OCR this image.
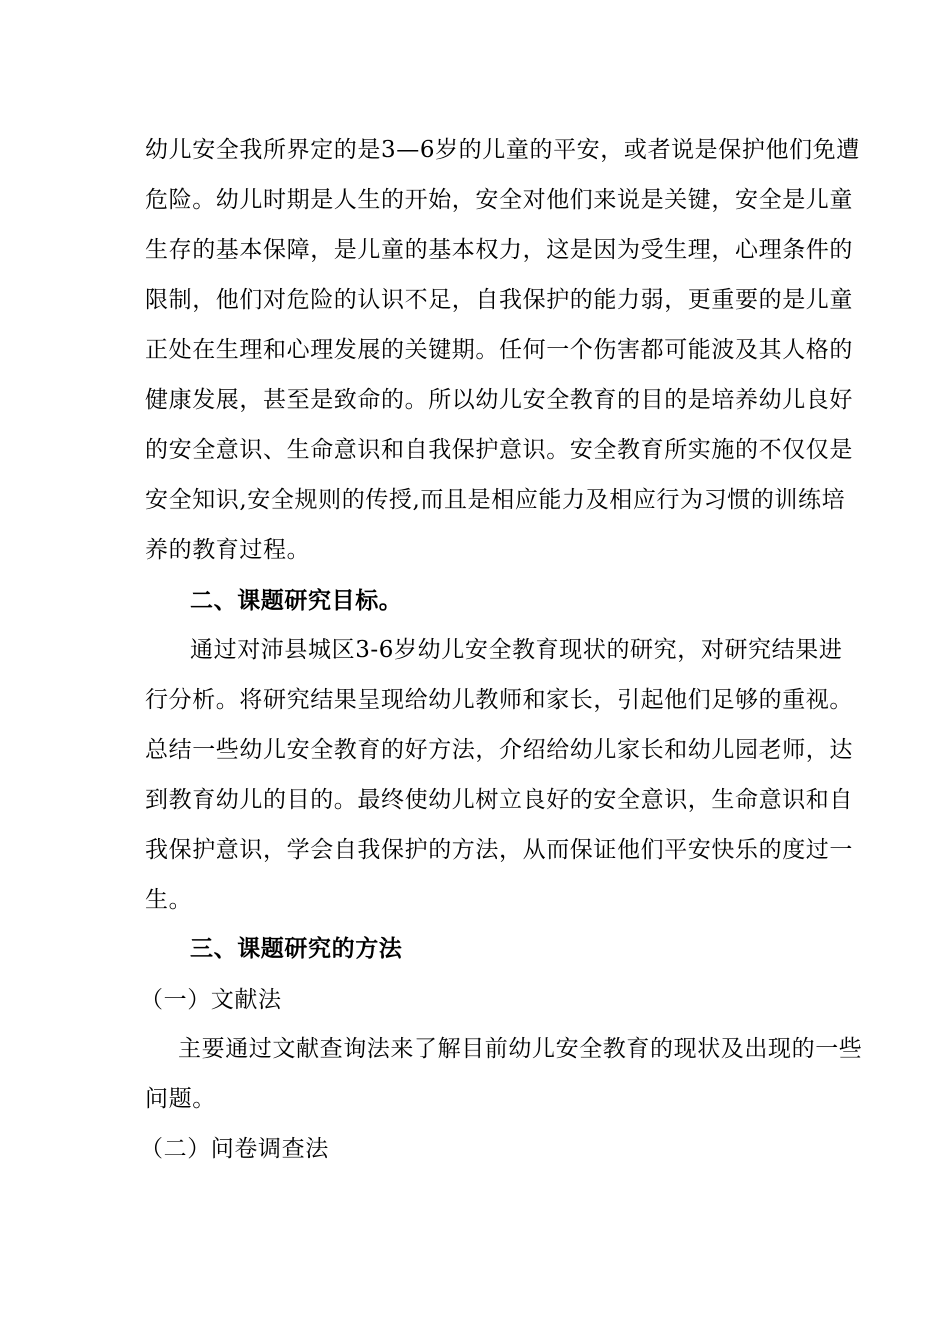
幼儿安全我所界定的是3—6岁的儿童的平安，或者说是保护他们免遭
危险。幼儿时期是人生的开始，安全对他们来说是关键，安全是儿童
生存的基本保障，是儿童的基本权力，这是因为受生理，心理条件的
限制，他们对危险的认识不足，自我保护的能力弱，更重要的是儿童
正处在生理和心理发展的关键期。任何一个伤害都可能波及其人格的
健康发展，甚至是致命的。所以幼儿安全教育的目的是培养幼儿良好
的安全意识、生命意识和自我保护意识。安全教育所实施的不仅仅是
安全知识,安全规则的传授,而且是相应能力及相应行为习惯的训练培
养的教育过程。
二、课题研究目标。
通过对沛县城区3-6岁幼儿安全教育现状的研究，对研究结果进
行分析。将研究结果呈现给幼儿教师和家长，引起他们足够的重视。
总结一些幼儿安全教育的好方法，介绍给幼儿家长和幼儿园老师，达
到教育幼儿的目的。最终使幼儿树立良好的安全意识，生命意识和自
我保护意识，学会自我保护的方法，从而保证他们平安快乐的度过一
生。
三、课题研究的方法
（一）文献法
主要通过文献查询法来了解目前幼儿安全教育的现状及出现的一些
问题。
（二）问卷调查法
